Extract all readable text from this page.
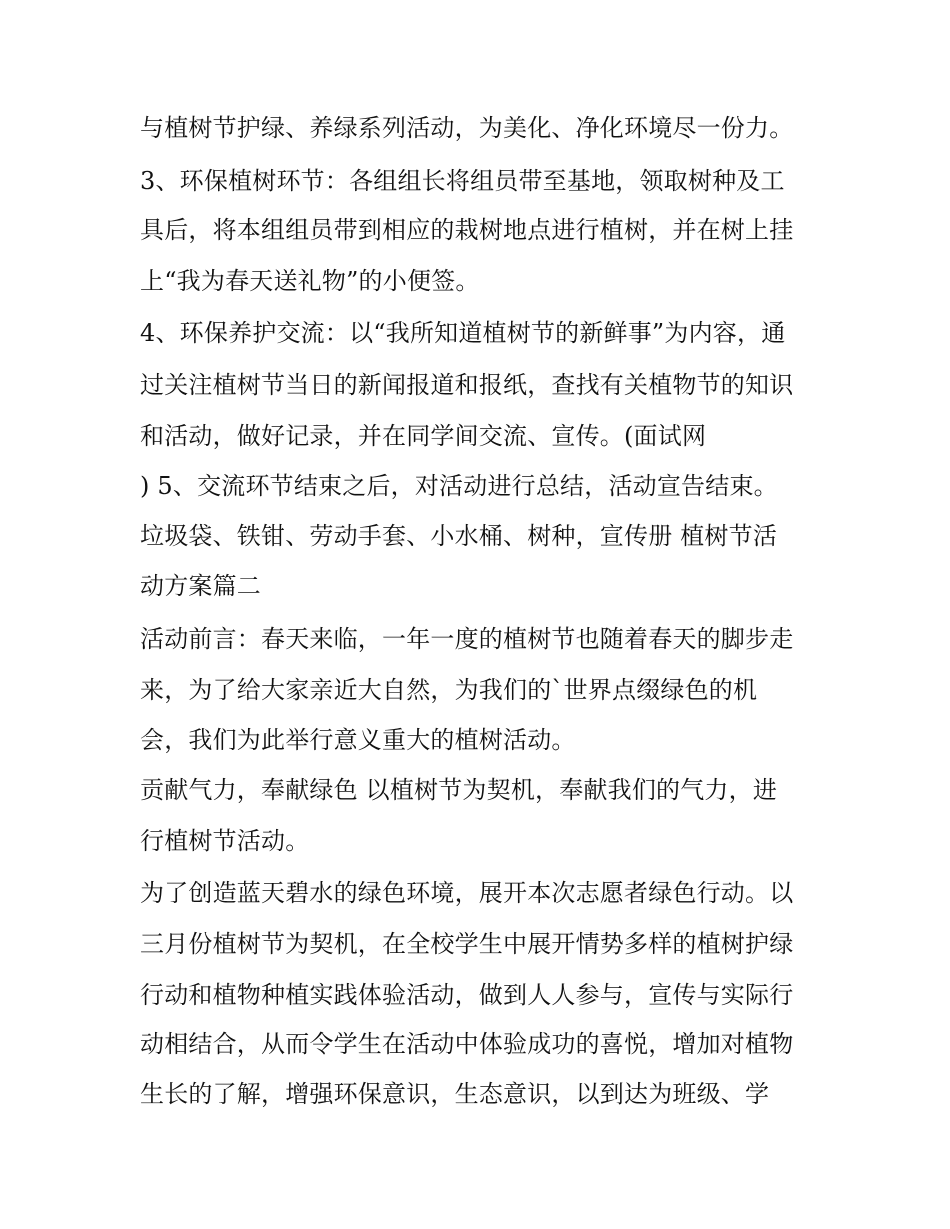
与植树节护绿、养绿系列活动，为美化、净化环境尽一份力。

3、环保植树环节：各组组长将组员带至基地，领取树种及工

具后，将本组组员带到相应的栽树地点进行植树，并在树上挂

上“我为春天送礼物”的小便签。

4、环保养护交流：以“我所知道植树节的新鲜事”为内容，通

过关注植树节当日的新闻报道和报纸，查找有关植物节的知识

和活动，做好记录，并在同学间交流、宣传。(面试网

) 5、交流环节结束之后，对活动进行总结，活动宣告结束。

垃圾袋、铁钳、劳动手套、小水桶、树种，宣传册 植树节活

动方案篇二

活动前言：春天来临，一年一度的植树节也随着春天的脚步走

来，为了给大家亲近大自然，为我们的`世界点缀绿色的机

会，我们为此举行意义重大的植树活动。

贡献气力，奉献绿色 以植树节为契机，奉献我们的气力，进

行植树节活动。

为了创造蓝天碧水的绿色环境，展开本次志愿者绿色行动。以

三月份植树节为契机，在全校学生中展开情势多样的植树护绿

行动和植物种植实践体验活动，做到人人参与，宣传与实际行

动相结合，从而令学生在活动中体验成功的喜悦，增加对植物

生长的了解，增强环保意识，生态意识，以到达为班级、学
